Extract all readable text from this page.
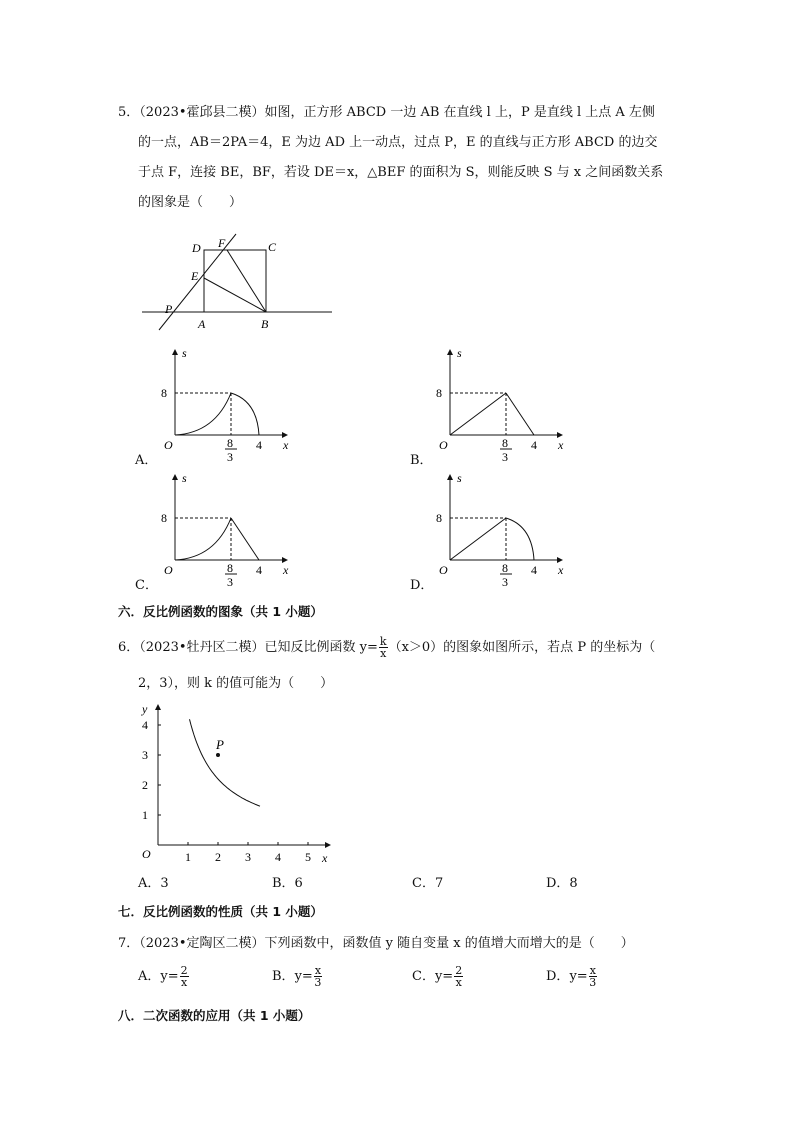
5．（2023•霍邱县二模）如图，正方形 ABCD 一边 AB 在直线 l 上，P 是直线 l 上点 A 左侧
的一点，AB＝2PA＝4，E 为边 AD 上一动点，过点 P，E 的直线与正方形 ABCD 的边交
于点 F，连接 BE，BF，若设 DE＝x，△BEF 的面积为 S，则能反映 S 与 x 之间函数关系
的图象是（　　）
D F	C
E
P
A	B
s
8
O	8
3
4 x
A．
s
8
O	8
3
4 x
B．
s
8
O	8
3
4 x
C．
s
8
O	8
3
4 x
D．
六．反比例函数的图象（共 1 小题）
6．（2023•牡丹区二模）已知反比例函数 $y= \frac{k}{x} (x>0)$的图象如图所示，若点 P 的坐标为（
2，3），则 k 的值可能为（　　）
1 2 3 4 5
1
2
3
4
P
O
y
x
A．3	B．6	C．7	D．8
七．反比例函数的性质（共 1 小题）
7．（2023•定陶区二模）下列函数中，函数值 y 随自变量 x 的值增大而增大的是（　　）
A．$y= \frac{2}{x}$	B．$y= \frac{x}{3}$	C．$y= \frac{2}{x}$	D．$y= \frac{x}{3}$
八．二次函数的应用（共 1 小题）
